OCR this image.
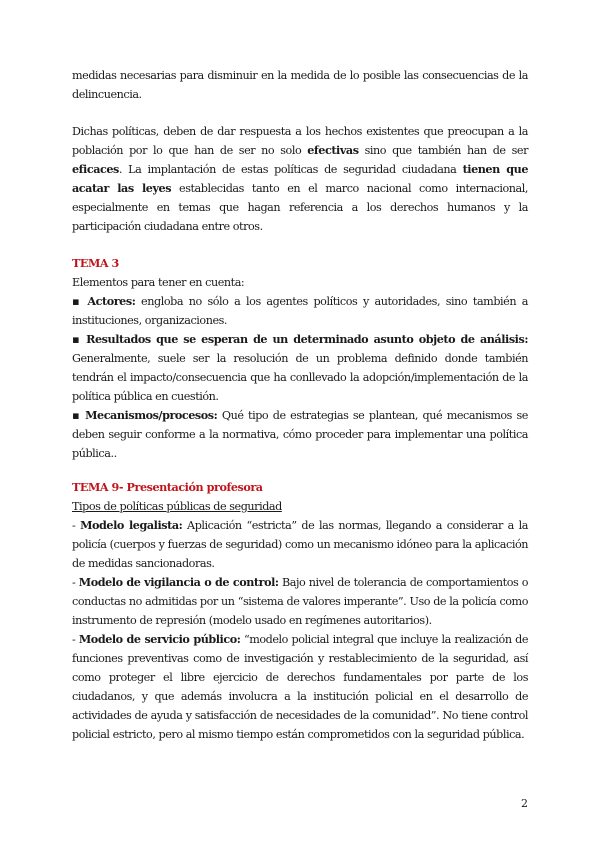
medidas necesarias para disminuir en la medida de lo posible las consecuencias de la delincuencia.

Dichas políticas, deben de dar respuesta a los hechos existentes que preocupan a la población por lo que han de ser no solo efectivas sino que también han de ser eficaces. La implantación de estas políticas de seguridad ciudadana tienen que acatar las leyes establecidas tanto en el marco nacional como internacional, especialmente en temas que hagan referencia a los derechos humanos y la participación ciudadana entre otros.

TEMA 3

Elementos para tener en cuenta:

▪ Actores: engloba no sólo a los agentes políticos y autoridades, sino también a instituciones, organizaciones.

▪ Resultados que se esperan de un determinado asunto objeto de análisis: Generalmente, suele ser la resolución de un problema definido donde también tendrán el impacto/consecuencia que ha conllevado la adopción/implementación de la política pública en cuestión.

▪ Mecanismos/procesos: Qué tipo de estrategias se plantean, qué mecanismos se deben seguir conforme a la normativa, cómo proceder para implementar una política pública..

TEMA 9- Presentación profesora

Tipos de políticas públicas de seguridad

- Modelo legalista: Aplicación “estricta” de las normas, llegando a considerar a la policía (cuerpos y fuerzas de seguridad) como un mecanismo idóneo para la aplicación de medidas sancionadoras.

- Modelo de vigilancia o de control: Bajo nivel de tolerancia de comportamientos o conductas no admitidas por un “sistema de valores imperante”. Uso de la policía como instrumento de represión (modelo usado en regímenes autoritarios).

- Modelo de servicio público: “modelo policial integral que incluye la realización de funciones preventivas como de investigación y restablecimiento de la seguridad, así como proteger el libre ejercicio de derechos fundamentales por parte de los ciudadanos, y que además involucra a la institución policial en el desarrollo de actividades de ayuda y satisfacción de necesidades de la comunidad”. No tiene control policial estricto, pero al mismo tiempo están comprometidos con la seguridad pública.

2
